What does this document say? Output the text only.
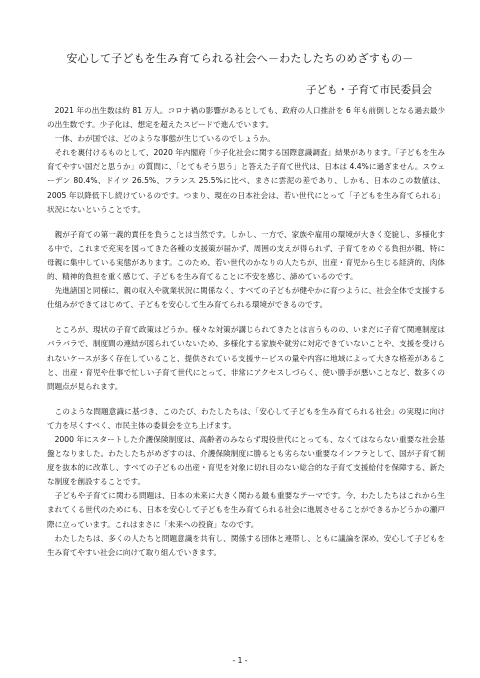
安心して子どもを生み育てられる社会へ－わたしたちのめざすもの－
子ども・子育て市民委員会

2021 年の出生数は約 81 万人。コロナ禍の影響があるとしても、政府の人口推計を 6 年も前倒しとなる過去最少の出生数です。少子化は、想定を超えたスピードで進んでいます。

一体、わが国では、どのような事態が生じているのでしょうか。

それを裏付けるものとして、2020 年内閣府「少子化社会に関する国際意識調査」結果があります。「子どもを生み育てやすい国だと思うか」の質問に、「とてもそう思う」と答えた子育て世代は、日本は 4.4%に過ぎません。スウェーデン 80.4%、ドイツ 26.5%、フランス 25.5%に比べ、まさに雲泥の差であり、しかも、日本のこの数値は、2005 年以降低下し続けているのです。つまり、現在の日本社会は、若い世代にとって「子どもを生み育てられる」状況にないということです。

親が子育ての第一義的責任を負うことは当然です。しかし、一方で、家族や雇用の環境が大きく変貌し、多様化する中で、これまで充実を図ってきた各種の支援策が届かず、周囲の支えが得られず、子育てをめぐる負担が親、特に母親に集中している実態があります。このため、若い世代のかなりの人たちが、出産・育児から生じる経済的、肉体的、精神的負担を重く感じて、子どもを生み育てることに不安を感じ、諦めているのです。

先進諸国と同様に、親の収入や就業状況に関係なく、すべての子どもが健やかに育つように、社会全体で支援する仕組みができてはじめて、子どもを安心して生み育てられる環境ができるのです。

ところが、現状の子育て政策はどうか。様々な対策が講じられてきたとは言うものの、いまだに子育て関連制度はバラバラで、制度間の連結が図られていないため、多様化する家族や就労に対応できていないことや、支援を受けられないケースが多く存在していること、提供されている支援サービスの量や内容に地域によって大きな格差があること、出産・育児や仕事で忙しい子育て世代にとって、非常にアクセスしづらく、使い勝手が悪いことなど、数多くの問題点が見られます。

このような問題意識に基づき、このたび、わたしたちは、「安心して子どもを生み育てられる社会」の実現に向けて力を尽くすべく、市民主体の委員会を立ち上げます。

2000 年にスタートした介護保険制度は、高齢者のみならず現役世代にとっても、なくてはならない重要な社会基盤となりました。わたしたちがめざすのは、介護保険制度に勝るとも劣らない重要なインフラとして、国が子育て制度を抜本的に改革し、すべての子どもの出産・育児を対象に切れ目のない総合的な子育て支援給付を保障する、新たな制度を創設することです。

子どもや子育てに関わる問題は、日本の未来に大きく関わる最も重要なテーマです。今、わたしたちはこれから生まれてくる世代のためにも、日本を安心して子どもを生み育てられる社会に進展させることができるかどうかの瀬戸際に立っています。これはまさに「未来への投資」なのです。

わたしたちは、多くの人たちと問題意識を共有し、関係する団体と連帯し、ともに議論を深め、安心して子どもを生み育てやすい社会に向けて取り組んでいきます。

- 1 -
